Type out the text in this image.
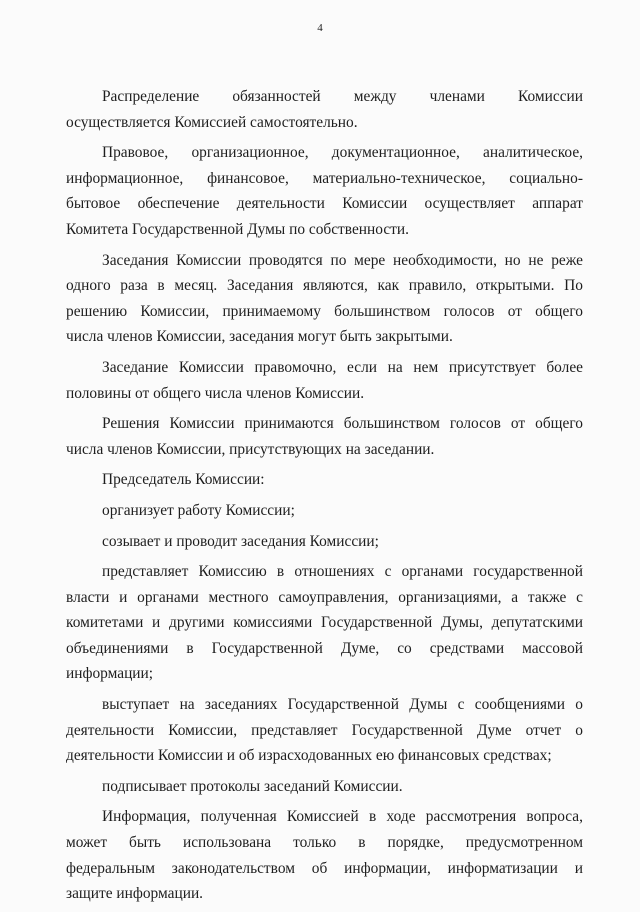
4
Распределение обязанностей между членами Комиссии
осуществляется Комиссией самостоятельно.
Правовое, организационное, документационное, аналитическое,
информационное, финансовое, материально-техническое, социально-
бытовое обеспечение деятельности Комиссии осуществляет аппарат
Комитета Государственной Думы по собственности.
Заседания Комиссии проводятся по мере необходимости, но не реже
одного раза в месяц. Заседания являются, как правило, открытыми. По
решению Комиссии, принимаемому большинством голосов от общего
числа членов Комиссии, заседания могут быть закрытыми.
Заседание Комиссии правомочно, если на нем присутствует более
половины от общего числа членов Комиссии.
Решения Комиссии принимаются большинством голосов от общего
числа членов Комиссии, присутствующих на заседании.
Председатель Комиссии:
организует работу Комиссии;
созывает и проводит заседания Комиссии;
представляет Комиссию в отношениях с органами государственной
власти и органами местного самоуправления, организациями, а также с
комитетами и другими комиссиями Государственной Думы, депутатскими
объединениями в Государственной Думе, со средствами массовой
информации;
выступает на заседаниях Государственной Думы с сообщениями о
деятельности Комиссии, представляет Государственной Думе отчет о
деятельности Комиссии и об израсходованных ею финансовых средствах;
подписывает протоколы заседаний Комиссии.
Информация, полученная Комиссией в ходе рассмотрения вопроса,
может быть использована только в порядке, предусмотренном
федеральным законодательством об информации, информатизации и
защите информации.
